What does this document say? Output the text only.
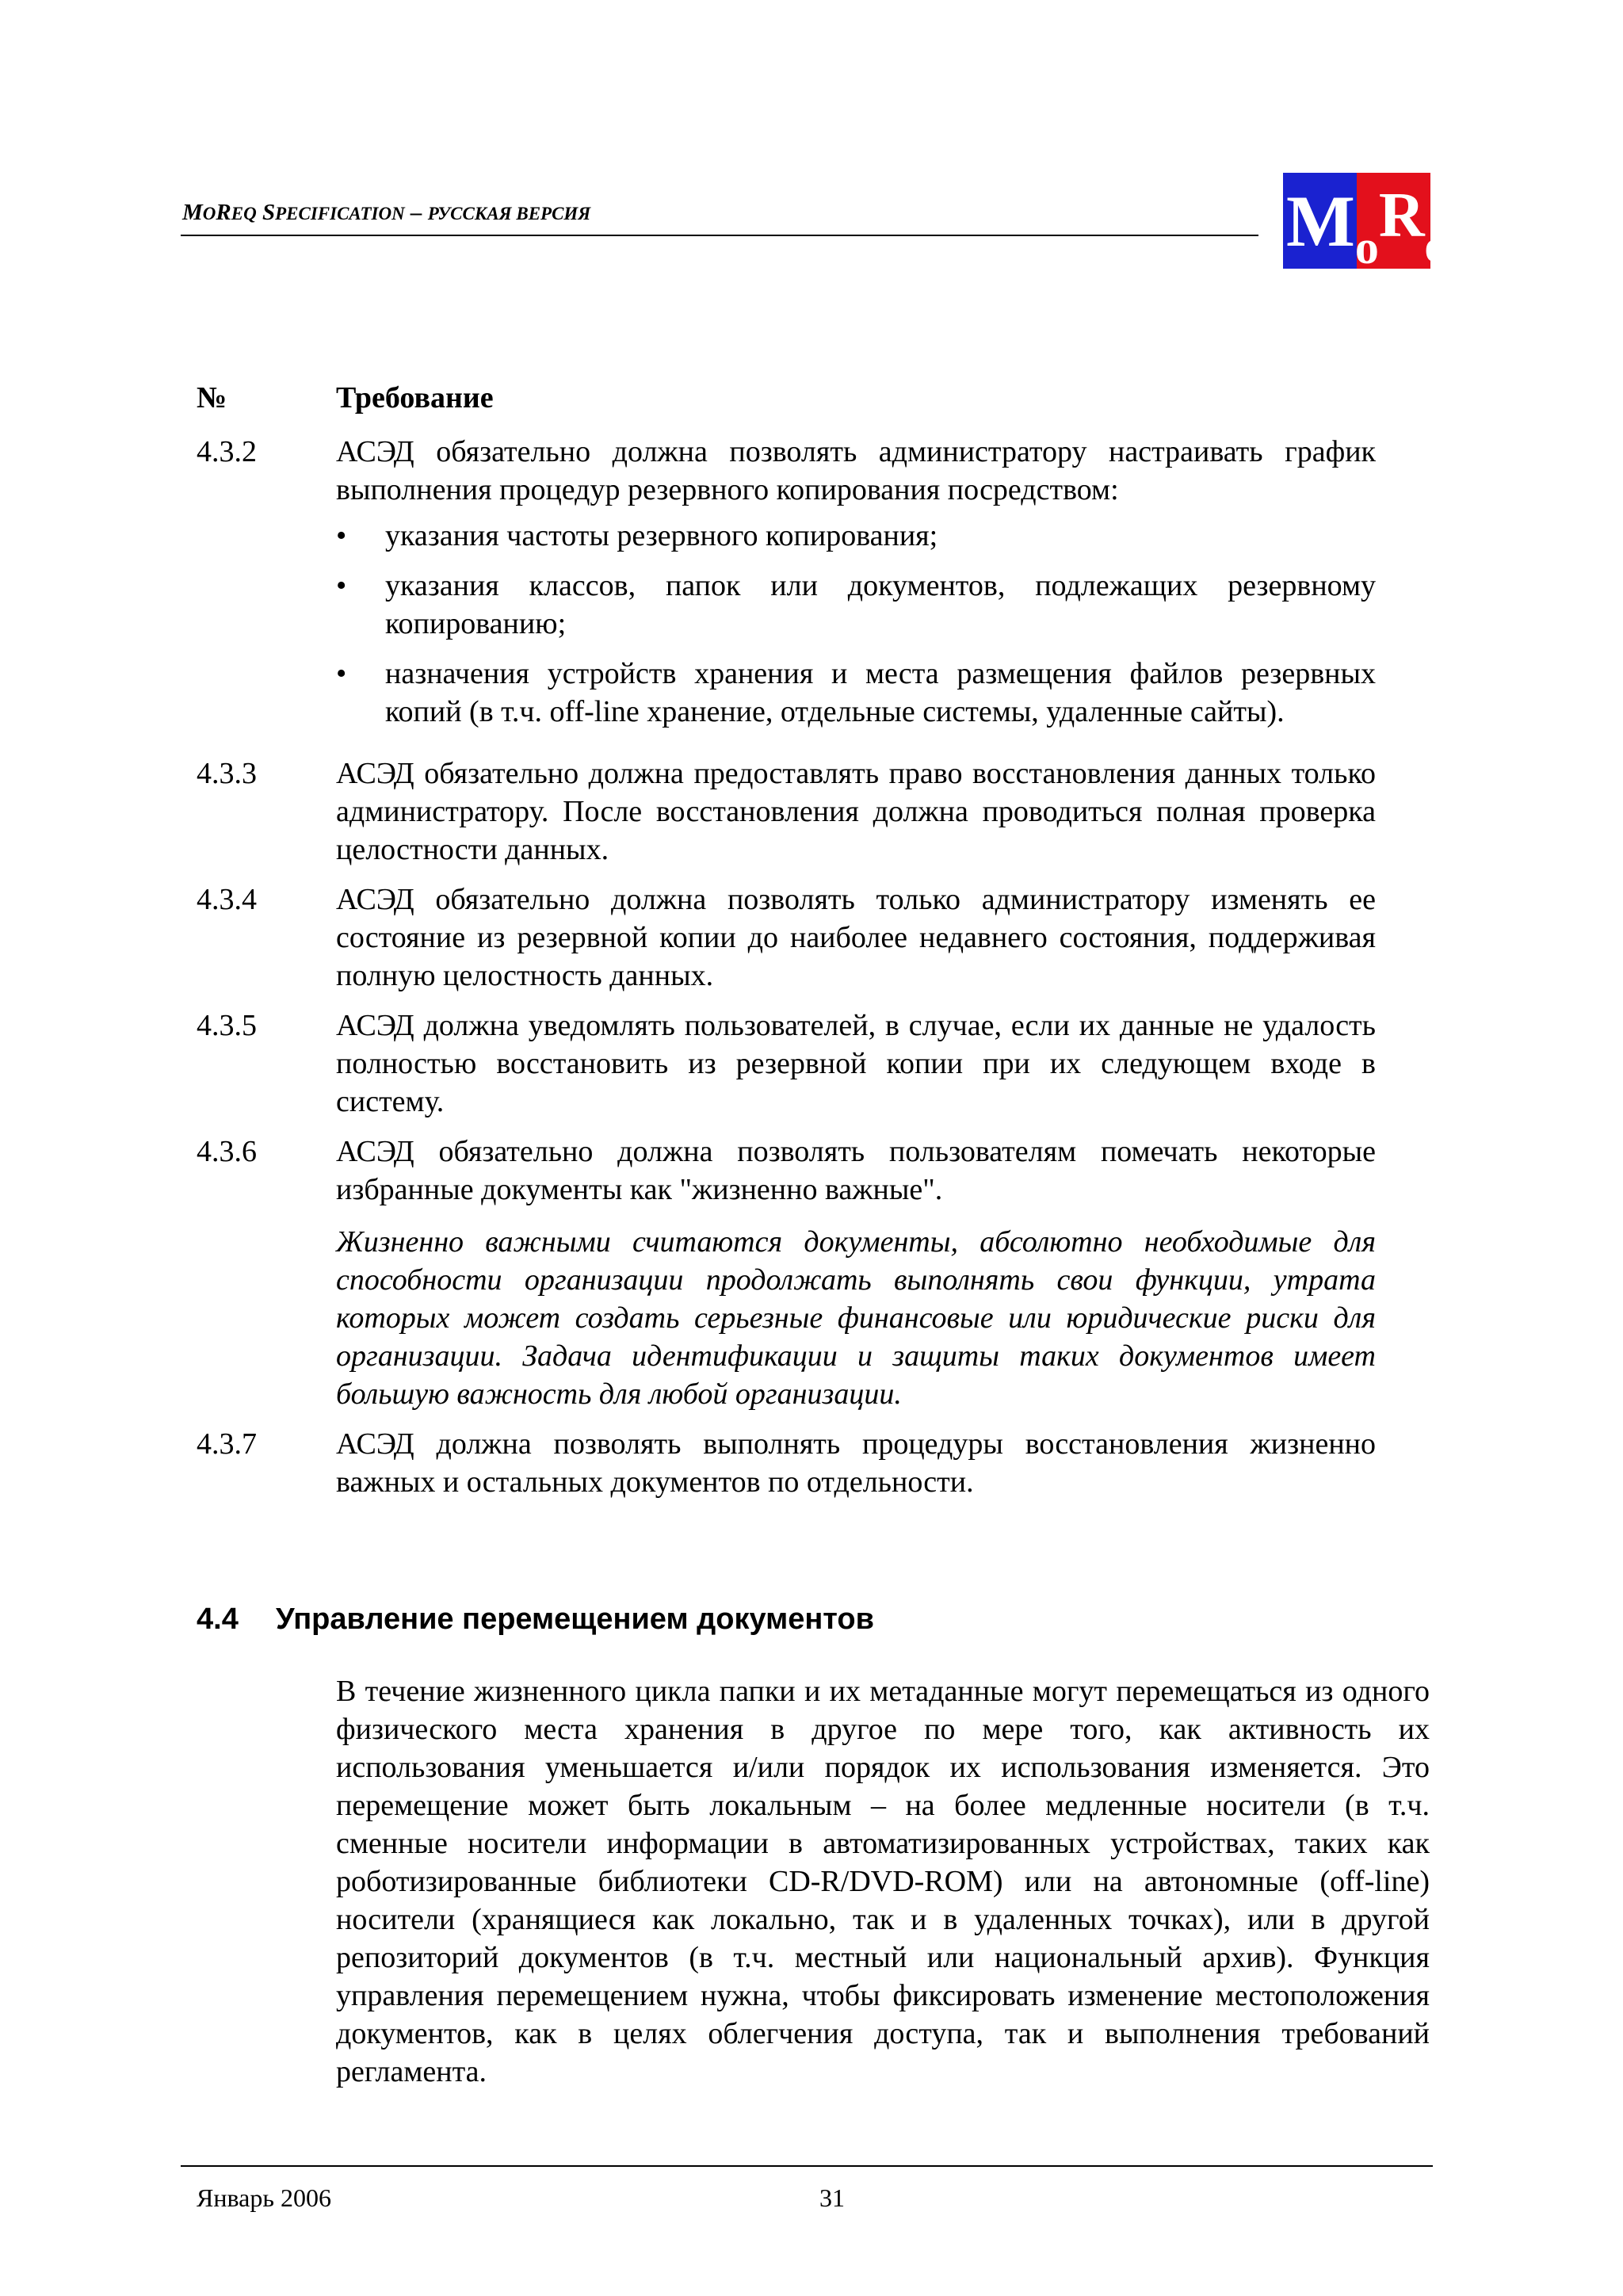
MOREQ SPECIFICATION – РУССКАЯ ВЕРСИЯ	MoReq
№	Требование
4.3.2	АСЭД обязательно должна позволять администратору настраивать график выполнения процедур резервного копирования посредством:

• указания частоты резервного копирования;
• указания классов, папок или документов, подлежащих резервному копированию;
• назначения устройств хранения и места размещения файлов резервных копий (в т.ч. off-line хранение, отдельные системы, удаленные сайты).
4.3.3	АСЭД обязательно должна предоставлять право восстановления данных только администратору. После восстановления должна проводиться полная проверка целостности данных.

4.3.4	АСЭД обязательно должна позволять только администратору изменять ее состояние из резервной копии до наиболее недавнего состояния, поддерживая полную целостность данных.

4.3.5	АСЭД должна уведомлять пользователей, в случае, если их данные не удалость полностью восстановить из резервной копии при их следующем входе в систему.

4.3.6	АСЭД обязательно должна позволять пользователям помечать некоторые избранные документы как "жизненно важные".

Жизненно важными считаются документы, абсолютно необходимые для способности организации продолжать выполнять свои функции, утрата которых может создать серьезные финансовые или юридические риски для организации. Задача идентификации и защиты таких документов имеет большую важность для любой организации.

4.3.7	АСЭД должна позволять выполнять процедуры восстановления жизненно важных и остальных документов по отдельности.

4.4 Управление перемещением документов

В течение жизненного цикла папки и их метаданные могут перемещаться из одного физического места хранения в другое по мере того, как активность их использования уменьшается и/или порядок их использования изменяется. Это перемещение может быть локальным – на более медленные носители (в т.ч. сменные носители информации в автоматизированных устройствах, таких как роботизированные библиотеки CD-R/DVD-ROM) или на автономные (off-line) носители (хранящиеся как локально, так и в удаленных точках), или в другой репозиторий документов (в т.ч. местный или национальный архив). Функция управления перемещением нужна, чтобы фиксировать изменение местоположения документов, как в целях облегчения доступа, так и выполнения требований регламента.

Январь 2006	31
